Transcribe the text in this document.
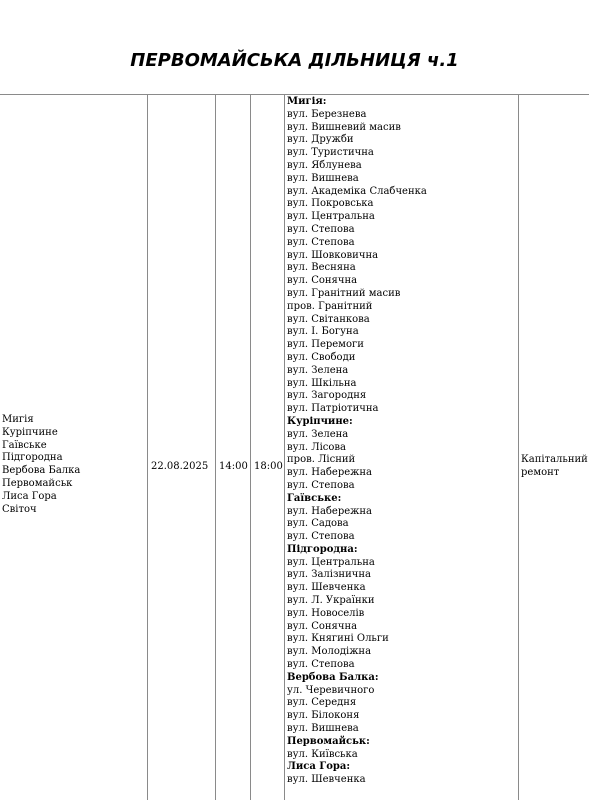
ПЕРВОМАЙСЬКА ДІЛЬНИЦЯ ч.1
Мигія
Куріпчине
Гаївське
Підгородна
Вербова Балка
Первомайськ
Лиса Гора
Світоч
22.08.2025 14:00 18:00
Мигія:
вул. Березнева
вул. Вишневий масив
вул. Дружби
вул. Туристична
вул. Яблунева
вул. Вишнева
вул. Академіка Слабченка
вул. Покровська
вул. Центральна
вул. Степова
вул. Степова
вул. Шовковична
вул. Весняна
вул. Сонячна
вул. Гранітний масив
пров. Гранітний
вул. Світанкова
вул. І. Богуна
вул. Перемоги
вул. Свободи
вул. Зелена
вул. Шкільна
вул. Загородня
вул. Патріотична
Куріпчине:
вул. Зелена
вул. Лісова
пров. Лісний
вул. Набережна
вул. Степова
Гаївське:
вул. Набережна
вул. Садова
вул. Степова
Підгородна:
вул. Центральна
вул. Залізнична
вул. Шевченка
вул. Л. Українки
вул. Новоселів
вул. Сонячна
вул. Княгині Ольги
вул. Молодіжна
вул. Степова
Вербова Балка:
ул. Черевичного
вул. Середня
вул. Білоконя
вул. Вишнева
Первомайськ:
вул. Київська
Лиса Гора:
вул. Шевченка
Капітальний ремонт
